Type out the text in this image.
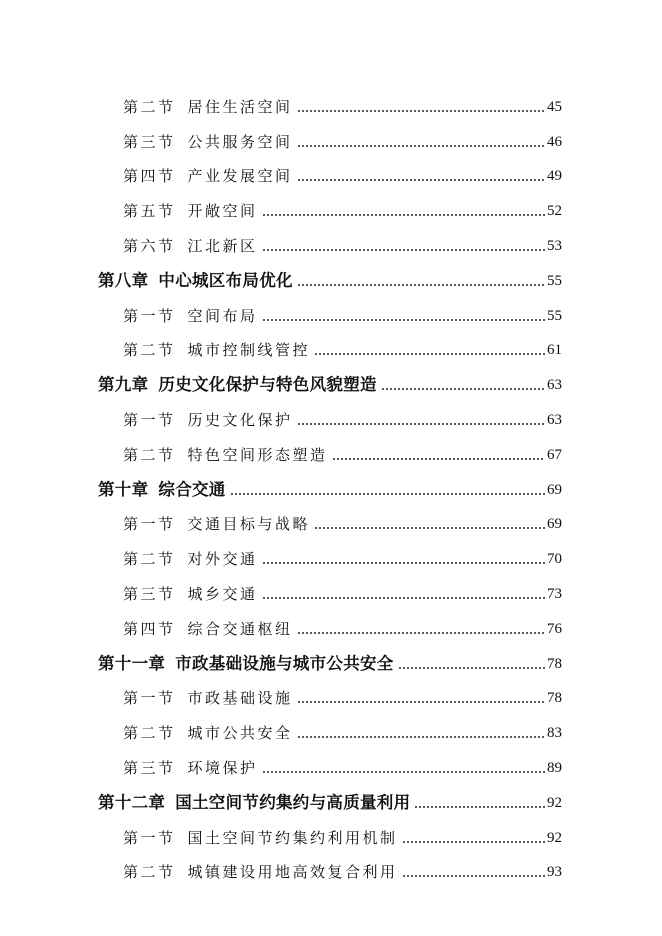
第二节 居住生活空间	45
第三节 公共服务空间	46
第四节 产业发展空间	49
第五节 开敞空间	52
第六节 江北新区	53
第八章 中心城区布局优化	55
第一节 空间布局	55
第二节 城市控制线管控	61
第九章 历史文化保护与特色风貌塑造	63
第一节 历史文化保护	63
第二节 特色空间形态塑造	67
第十章 综合交通	69
第一节 交通目标与战略	69
第二节 对外交通	70
第三节 城乡交通	73
第四节 综合交通枢纽	76
第十一章 市政基础设施与城市公共安全	78
第一节 市政基础设施	78
第二节 城市公共安全	83
第三节 环境保护	89
第十二章 国土空间节约集约与高质量利用	92
第一节 国土空间节约集约利用机制	92
第二节 城镇建设用地高效复合利用	93
